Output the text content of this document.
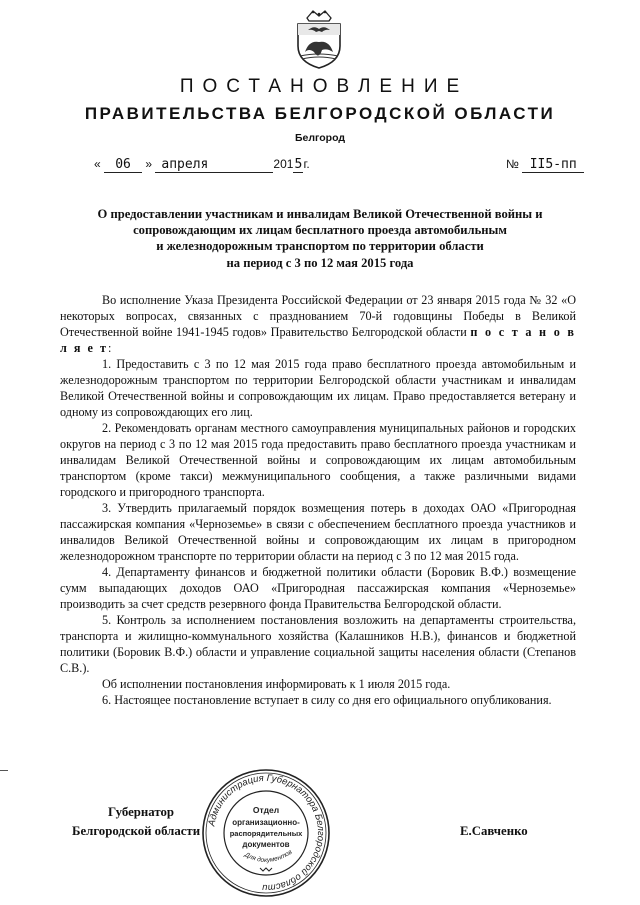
ПОСТАНОВЛЕНИЕ
ПРАВИТЕЛЬСТВА БЕЛГОРОДСКОЙ ОБЛАСТИ
Белгород
« 06 » апреля	2015г.	№ II5-пп
О предоставлении участникам и инвалидам Великой Отечественной войны и
сопровождающим их лицам бесплатного проезда автомобильным
и железнодорожным транспортом по территории области
на период с 3 по 12 мая 2015 года

Во исполнение Указа Президента Российской Федерации от 23 января 2015 года № 32 «О некоторых вопросах, связанных с празднованием 70-й годовщины Победы в Великой Отечественной войне 1941-1945 годов» Правительство Белгородской области п о с т а н о в л я е т:

1. Предоставить с 3 по 12 мая 2015 года право бесплатного проезда автомобильным и железнодорожным транспортом по территории Белгородской области участникам и инвалидам Великой Отечественной войны и сопровождающим их лицам. Право предоставляется ветерану и одному из сопровождающих его лиц.

2. Рекомендовать органам местного самоуправления муниципальных районов и городских округов на период с 3 по 12 мая 2015 года предоставить право бесплатного проезда участникам и инвалидам Великой Отечественной войны и сопровождающим их лицам автомобильным транспортом (кроме такси) межмуниципального сообщения, а также различными видами городского и пригородного транспорта.

3. Утвердить прилагаемый порядок возмещения потерь в доходах ОАО «Пригородная пассажирская компания «Черноземье» в связи с обеспечением бесплатного проезда участников и инвалидов Великой Отечественной войны и сопровождающим их лицам в пригородном железнодорожном транспорте по территории области на период с 3 по 12 мая 2015 года.

4. Департаменту финансов и бюджетной политики области (Боровик В.Ф.) возмещение сумм выпадающих доходов ОАО «Пригородная пассажирская компания «Черноземье» производить за счет средств резервного фонда Правительства Белгородской области.

5. Контроль за исполнением постановления возложить на департаменты строительства, транспорта и жилищно-коммунального хозяйства (Калашников Н.В.), финансов и бюджетной политики (Боровик В.Ф.) области и управление социальной защиты населения области (Степанов С.В.).

Об исполнении постановления информировать к 1 июля 2015 года.

6. Настоящее постановление вступает в силу со дня его официального опубликования.

Губернатор
Белгородской области	Е.Савченко
Администрация Губернатора Белгородской области
Отдел
организационно-
распорядительных
документов
Для документов
